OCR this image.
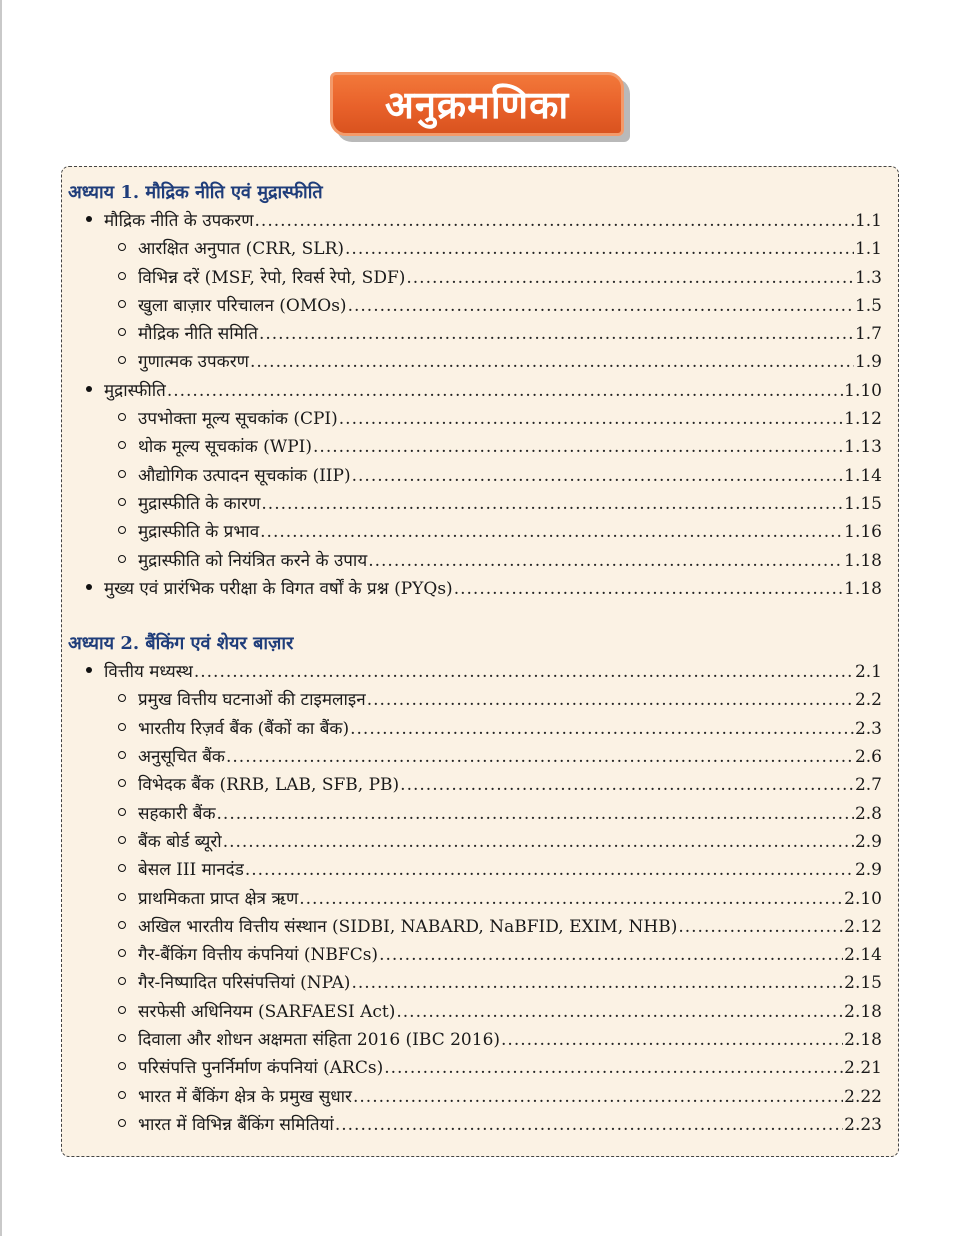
अनुक्रमणिका
अध्याय 1. मौद्रिक नीति एवं मुद्रास्फीति
मौद्रिक नीति के उपकरण .....	1.1
आरक्षित अनुपात (CRR, SLR) .....	1.1
विभिन्न दरें (MSF, रेपो, रिवर्स रेपो, SDF) .....	1.3
खुला बाज़ार परिचालन (OMOs) .....	1.5
मौद्रिक नीति समिति .....	1.7
गुणात्मक उपकरण .....	1.9
मुद्रास्फीति .....	1.10
उपभोक्ता मूल्य सूचकांक (CPI) .....	1.12
थोक मूल्य सूचकांक (WPI) .....	1.13
औद्योगिक उत्पादन सूचकांक (IIP) .....	1.14
मुद्रास्फीति के कारण .....	1.15
मुद्रास्फीति के प्रभाव .....	1.16
मुद्रास्फीति को नियंत्रित करने के उपाय .....	1.18
मुख्य एवं प्रारंभिक परीक्षा के विगत वर्षों के प्रश्न (PYQs) .....	1.18
अध्याय 2. बैंकिंग एवं शेयर बाज़ार
वित्तीय मध्यस्थ .....	2.1
प्रमुख वित्तीय घटनाओं की टाइमलाइन .....	2.2
भारतीय रिज़र्व बैंक (बैंकों का बैंक) .....	2.3
अनुसूचित बैंक .....	2.6
विभेदक बैंक (RRB, LAB, SFB, PB) .....	2.7
सहकारी बैंक .....	2.8
बैंक बोर्ड ब्यूरो .....	2.9
बेसल III मानदंड .....	2.9
प्राथमिकता प्राप्त क्षेत्र ऋण .....	2.10
अखिल भारतीय वित्तीय संस्थान (SIDBI, NABARD, NaBFID, EXIM, NHB) .....	2.12
गैर-बैंकिंग वित्तीय कंपनियां (NBFCs) .....	2.14
गैर-निष्पादित परिसंपत्तियां (NPA) .....	2.15
सरफेसी अधिनियम (SARFAESI Act) .....	2.18
दिवाला और शोधन अक्षमता संहिता 2016 (IBC 2016) .....	2.18
परिसंपत्ति पुनर्निर्माण कंपनियां (ARCs) .....	2.21
भारत में बैंकिंग क्षेत्र के प्रमुख सुधार .....	2.22
भारत में विभिन्न बैंकिंग समितियां .....	2.23
